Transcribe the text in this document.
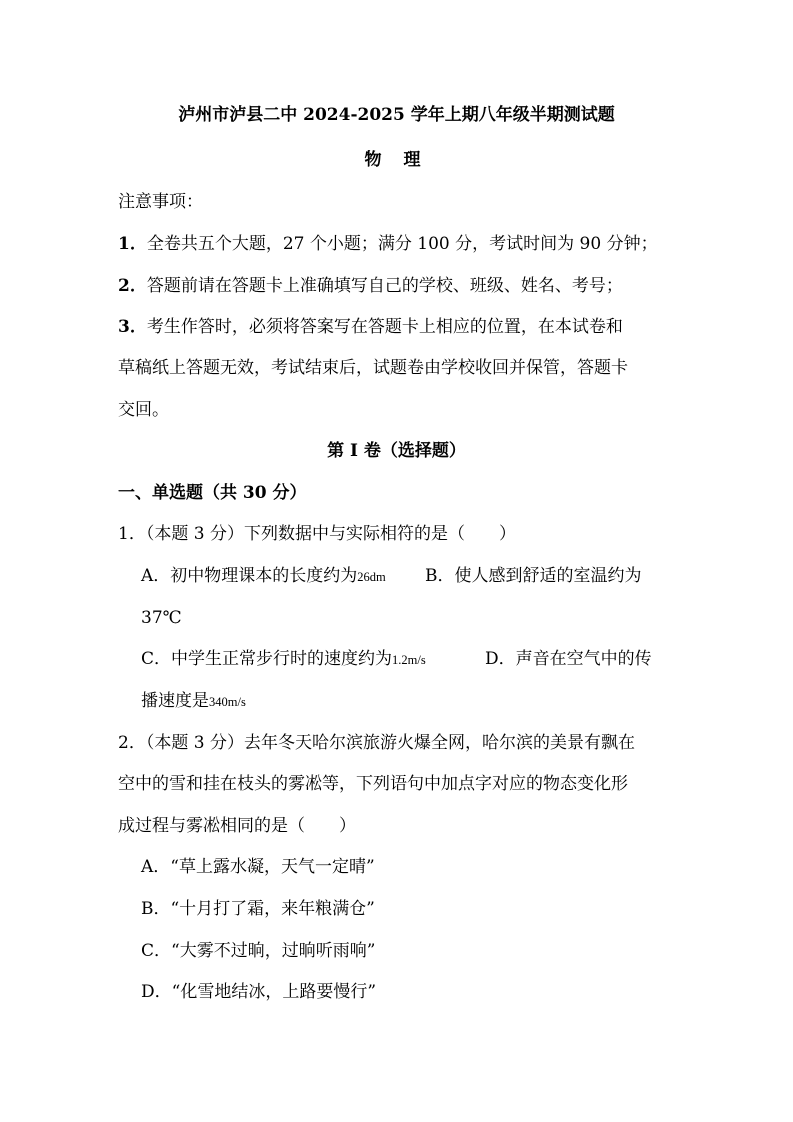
泸州市泸县二中 2024-2025 学年上期八年级半期测试题
物 理
注意事项：
1．全卷共五个大题，27 个小题；满分 100 分，考试时间为 90 分钟；
2．答题前请在答题卡上准确填写自己的学校、班级、姓名、考号；
3．考生作答时，必须将答案写在答题卡上相应的位置，在本试卷和
草稿纸上答题无效，考试结束后，试题卷由学校收回并保管，答题卡
交回。
第 I 卷（选择题）
一、单选题（共 30 分）
1．（本题 3 分）下列数据中与实际相符的是（　　）
A．初中物理课本的长度约为26dm B．使人感到舒适的室温约为
37℃
C．中学生正常步行时的速度约为1.2m/s	D．声音在空气中的传
播速度是340m/s
2．（本题 3 分）去年冬天哈尔滨旅游火爆全网，哈尔滨的美景有飘在
空中的雪和挂在枝头的雾凇等，下列语句中加点字对应的物态变化形
成过程与雾凇相同的是（　　）
A．“草上露水凝，天气一定晴”
B．“十月打了霜，来年粮满仓”
C．“大雾不过晌，过晌听雨响”
D．“化雪地结冰，上路要慢行”
